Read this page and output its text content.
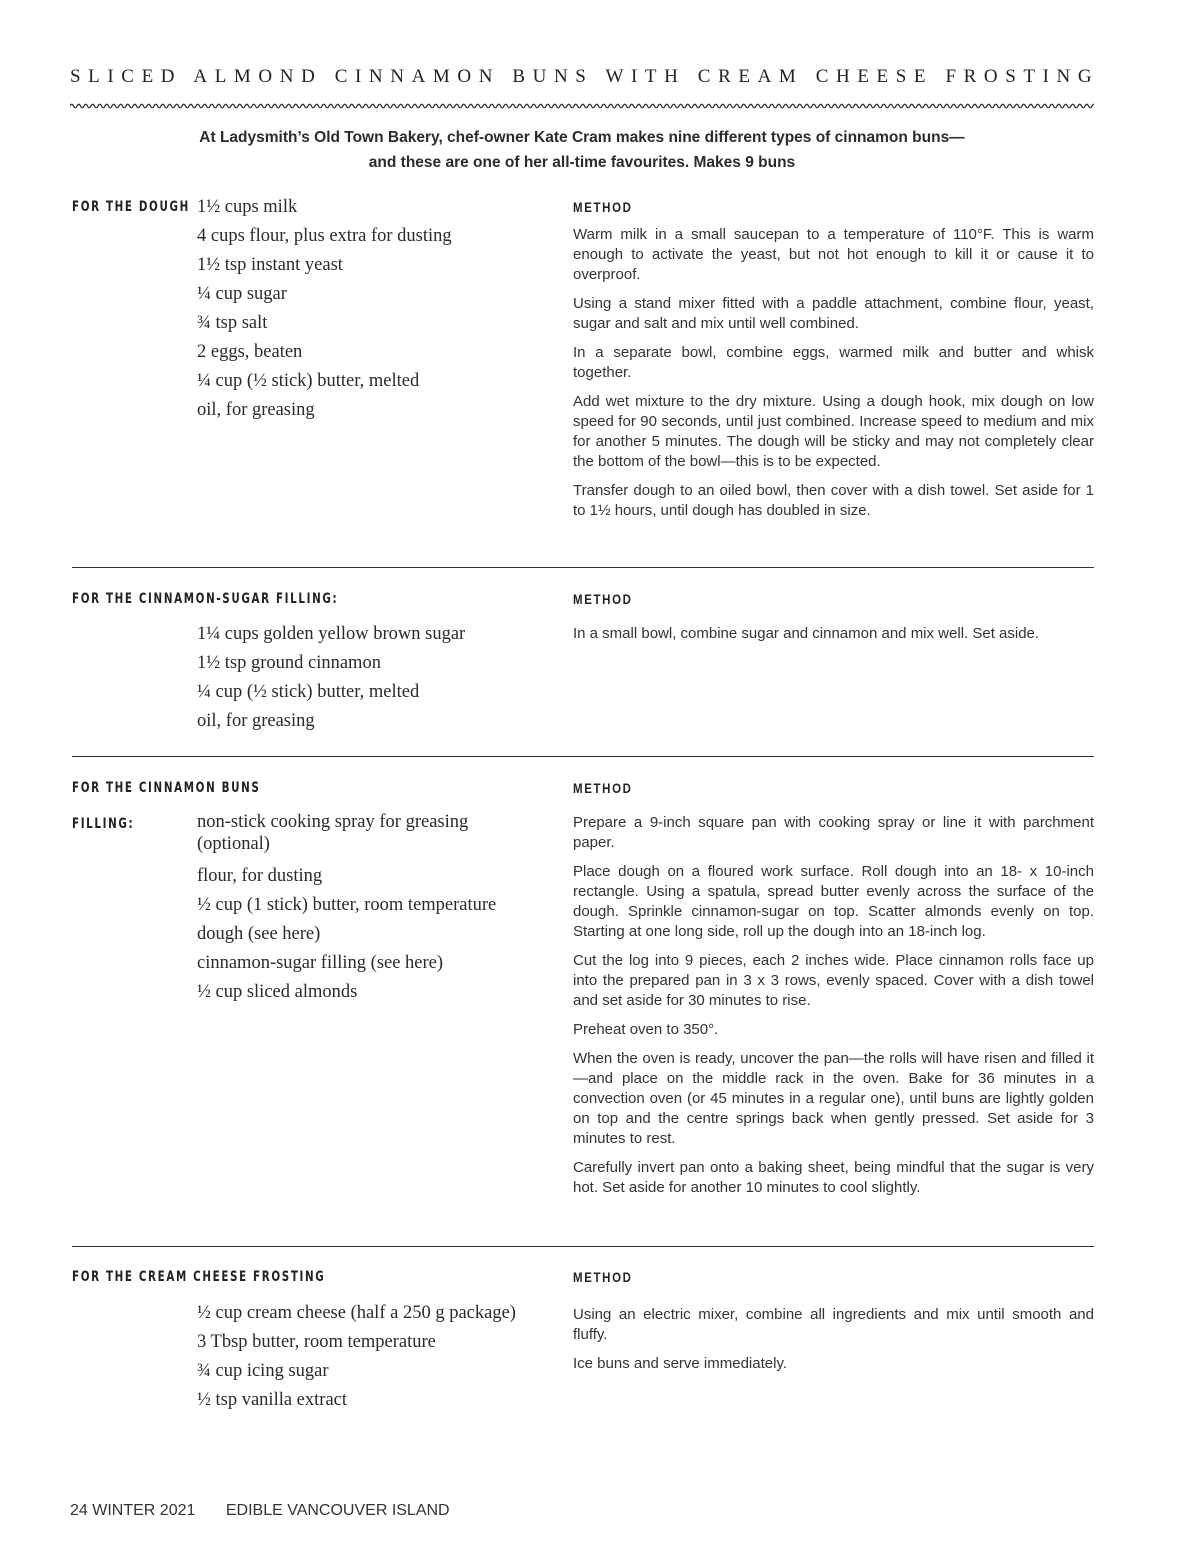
SLICED ALMOND CINNAMON BUNS WITH CREAM CHEESE FROSTING
At Ladysmith’s Old Town Bakery, chef-owner Kate Cram makes nine different types of cinnamon buns—
and these are one of her all-time favourites. Makes 9 buns
FOR THE DOUGH 1½ cups milk
4 cups flour, plus extra for dusting
1½ tsp instant yeast
¼ cup sugar
¾ tsp salt
2 eggs, beaten
¼ cup (½ stick) butter, melted
oil, for greasing
METHOD

Warm milk in a small saucepan to a temperature of 110°F. This is warm enough to activate the yeast, but not hot enough to kill it or cause it to overproof.

Using a stand mixer fitted with a paddle attachment, combine flour, yeast, sugar and salt and mix until well combined.

In a separate bowl, combine eggs, warmed milk and butter and whisk together.

Add wet mixture to the dry mixture. Using a dough hook, mix dough on low speed for 90 seconds, until just combined. Increase speed to medium and mix for another 5 minutes. The dough will be sticky and may not completely clear the bottom of the bowl—this is to be expected.

Transfer dough to an oiled bowl, then cover with a dish towel. Set aside for 1 to 1½ hours, until dough has doubled in size.

FOR THE CINNAMON-SUGAR FILLING:
1¼ cups golden yellow brown sugar
1½ tsp ground cinnamon
¼ cup (½ stick) butter, melted
oil, for greasing
METHOD

In a small bowl, combine sugar and cinnamon and mix well. Set aside.

FOR THE CINNAMON BUNS
FILLING:	non-stick cooking spray for greasing (optional)
flour, for dusting
½ cup (1 stick) butter, room temperature
dough (see here)
cinnamon-sugar filling (see here)
½ cup sliced almonds
METHOD

Prepare a 9-inch square pan with cooking spray or line it with parchment paper.

Place dough on a floured work surface. Roll dough into an 18- x 10-inch rectangle. Using a spatula, spread butter evenly across the surface of the dough. Sprinkle cinnamon-sugar on top. Scatter almonds evenly on top. Starting at one long side, roll up the dough into an 18-inch log.

Cut the log into 9 pieces, each 2 inches wide. Place cinnamon rolls face up into the prepared pan in 3 x 3 rows, evenly spaced. Cover with a dish towel and set aside for 30 minutes to rise.

Preheat oven to 350°.

When the oven is ready, uncover the pan—the rolls will have risen and filled it—and place on the middle rack in the oven. Bake for 36 minutes in a convection oven (or 45 minutes in a regular one), until buns are lightly golden on top and the centre springs back when gently pressed. Set aside for 3 minutes to rest.

Carefully invert pan onto a baking sheet, being mindful that the sugar is very hot. Set aside for another 10 minutes to cool slightly.

FOR THE CREAM CHEESE FROSTING
½ cup cream cheese (half a 250 g package)
3 Tbsp butter, room temperature
¾ cup icing sugar
½ tsp vanilla extract
METHOD

Using an electric mixer, combine all ingredients and mix until smooth and fluffy.

Ice buns and serve immediately.

24 WINTER 2021 EDIBLE VANCOUVER ISLAND
